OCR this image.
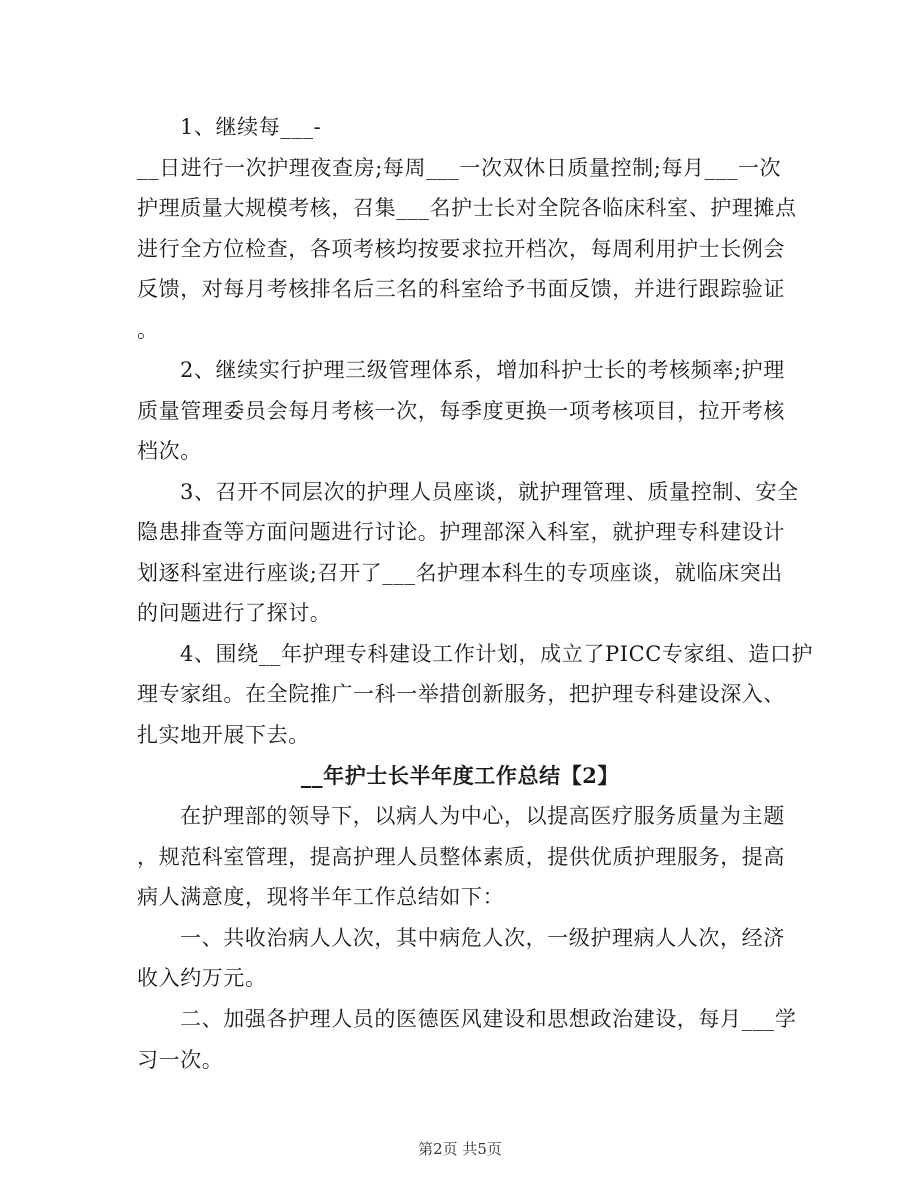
1、继续每___-
__日进行一次护理夜查房;每周___一次双休日质量控制;每月___一次
护理质量大规模考核，召集___名护士长对全院各临床科室、护理摊点
进行全方位检查，各项考核均按要求拉开档次，每周利用护士长例会
反馈，对每月考核排名后三名的科室给予书面反馈，并进行跟踪验证
。
2、继续实行护理三级管理体系，增加科护士长的考核频率;护理
质量管理委员会每月考核一次，每季度更换一项考核项目，拉开考核
档次。
3、召开不同层次的护理人员座谈，就护理管理、质量控制、安全
隐患排查等方面问题进行讨论。护理部深入科室，就护理专科建设计
划逐科室进行座谈;召开了___名护理本科生的专项座谈，就临床突出
的问题进行了探讨。
4、围绕__年护理专科建设工作计划，成立了PICC专家组、造口护
理专家组。在全院推广一科一举措创新服务，把护理专科建设深入、
扎实地开展下去。
__年护士长半年度工作总结【2】
在护理部的领导下，以病人为中心，以提高医疗服务质量为主题
，规范科室管理，提高护理人员整体素质，提供优质护理服务，提高
病人满意度，现将半年工作总结如下：
一、共收治病人人次，其中病危人次，一级护理病人人次，经济
收入约万元。
二、加强各护理人员的医德医风建设和思想政治建设，每月___学
习一次。
第2页 共5页
